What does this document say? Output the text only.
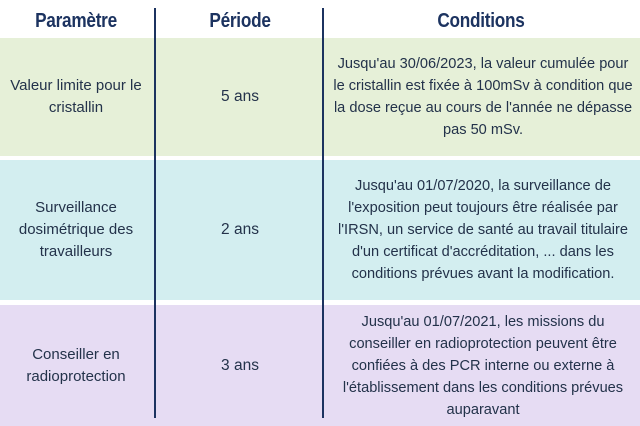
Paramètre	Période	Conditions
Valeur limite pour le cristallin
5 ans
Jusqu'au 30/06/2023, la valeur cumulée pour le cristallin est fixée à 100mSv à condition que la dose reçue au cours de l'année ne dépasse pas 50 mSv.
Surveillance dosimétrique des travailleurs
2 ans
Jusqu'au 01/07/2020, la surveillance de l'exposition peut toujours être réalisée par l'IRSN, un service de santé au travail titulaire d'un certificat d'accréditation, ... dans les conditions prévues avant la modification.
Conseiller en radioprotection
3 ans
Jusqu'au 01/07/2021, les missions du conseiller en radioprotection peuvent être confiées à des PCR interne ou externe à l'établissement dans les conditions prévues auparavant
